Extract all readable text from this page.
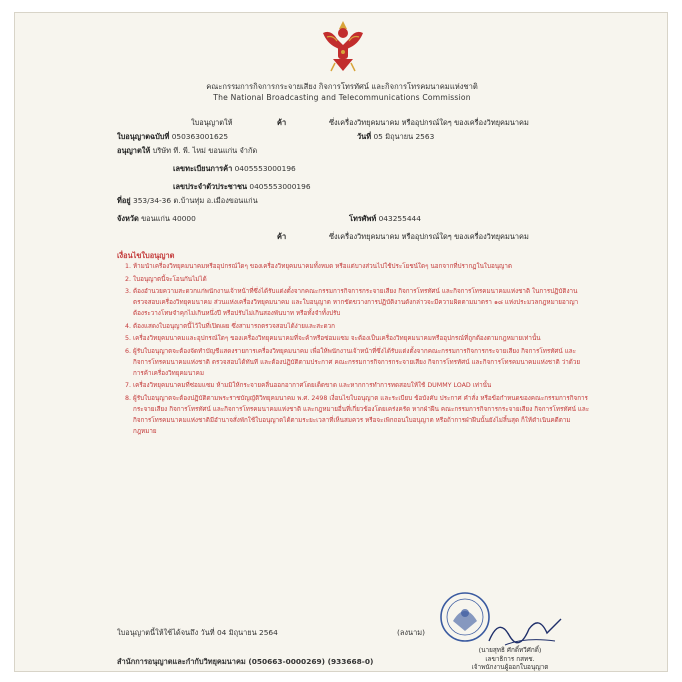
คณะกรรมการกิจการกระจายเสียง กิจการโทรทัศน์ และกิจการโทรคมนาคมแห่งชาติ
The National Broadcasting and Telecommunications Commission
ใบอนุญาตให้	ค้า	ซึ่งเครื่องวิทยุคมนาคม หรืออุปกรณ์ใดๆ ของเครื่องวิทยุคมนาคม
ใบอนุญาตฉบับที่ 050363001625	วันที่ 05 มิถุนายน 2563
อนุญาตให้ บริษัท ที. พี. ไหม่ ขอนแก่น จำกัด
เลขทะเบียนการค้า 0405553000196
เลขประจำตัวประชาชน 0405553000196
ที่อยู่ 353/34-36 ต.บ้านทุ่ม อ.เมืองขอนแก่น
จังหวัด ขอนแก่น 40000	โทรศัพท์ 043255444
ค้า	ซึ่งเครื่องวิทยุคมนาคม หรืออุปกรณ์ใดๆ ของเครื่องวิทยุคมนาคม
เงื่อนไขใบอนุญาต
1. ห้ามนำเครื่องวิทยุคมนาคมหรืออุปกรณ์ใดๆ ของเครื่องวิทยุคมนาคมทั้งหมด หรือแต่บางส่วนไปใช้ประโยชน์ใดๆ นอกจากที่ปรากฏในใบอนุญาต
2. ใบอนุญาตนี้จะโอนกันไม่ได้
3. ต้องอำนวยความสะดวกแก่พนักงานเจ้าหน้าที่ซึ่งได้รับแต่งตั้งจากคณะกรรมการกิจการกระจายเสียง กิจการโทรทัศน์ และกิจการโทรคมนาคมแห่งชาติ ในการปฏิบัติงานตรวจสอบเครื่องวิทยุคมนาคม ส่วนแห่งเครื่องวิทยุคมนาคม และใบอนุญาต หากขัดขวางการปฏิบัติงานดังกล่าวจะมีความผิดตามมาตรา ๑๘ แห่งประมวลกฎหมายอาญา ต้องระวางโทษจำคุกไม่เกินหนึ่งปี หรือปรับไม่เกินสองพันบาท หรือทั้งจำทั้งปรับ
4. ต้องแสดงใบอนุญาตนี้ไว้ในที่เปิดเผย ซึ่งสามารถตรวจสอบได้ง่ายและสะดวก
5. เครื่องวิทยุคมนาคมและอุปกรณ์ใดๆ ของเครื่องวิทยุคมนาคมที่จะค้าหรือซ่อมแซม จะต้องเป็นเครื่องวิทยุคมนาคมหรืออุปกรณ์ที่ถูกต้องตามกฎหมายเท่านั้น
6. ผู้รับใบอนุญาตจะต้องจัดทำบัญชีแสดงรายการเครื่องวิทยุคมนาคม เพื่อให้พนักงานเจ้าหน้าที่ซึ่งได้รับแต่งตั้งจากคณะกรรมการกิจการกระจายเสียง กิจการโทรทัศน์ และกิจการโทรคมนาคมแห่งชาติ ตรวจสอบได้ทันที และต้องปฏิบัติตามประกาศ คณะกรรมการกิจการกระจายเสียง กิจการโทรทัศน์ และกิจการโทรคมนาคมแห่งชาติ ว่าด้วย การค้าเครื่องวิทยุคมนาคม
7. เครื่องวิทยุคมนาคมที่ซ่อมแซม ห้ามมิให้กระจายคลื่นออกอากาศโดยเด็ดขาด และหากการทำการทดสอบให้ใช้ DUMMY LOAD เท่านั้น
8. ผู้รับใบอนุญาตจะต้องปฏิบัติตามพระราชบัญญัติวิทยุคมนาคม พ.ศ. 2498 เงื่อนไขใบอนุญาต และระเบียบ ข้อบังคับ ประกาศ คำสั่ง หรือข้อกำหนดของคณะกรรมการกิจการกระจายเสียง กิจการโทรทัศน์ และกิจการโทรคมนาคมแห่งชาติ และกฎหมายอื่นที่เกี่ยวข้องโดยเคร่งครัด หากฝ่าฝืน คณะกรรมการกิจการกระจายเสียง กิจการโทรทัศน์ และกิจการโทรคมนาคมแห่งชาติมีอำนาจสั่งพักใช้ใบอนุญาตได้ตามระยะเวลาที่เห็นสมควร หรือจะเพิกถอนใบอนุญาต หรือถ้าการฝ่าฝืนนั้นยังไม่สิ้นสุด ก็ให้ดำเนินคดีตามกฎหมาย
ใบอนุญาตนี้ให้ใช้ได้จนถึง วันที่ 04 มิถุนายน 2564	(ลงนาม)
(นายสุทธิ ศักดิ์ทวีศักดิ์)
เลขาธิการ กสทช.
เจ้าพนักงานผู้ออกใบอนุญาต
สำนักการอนุญาตและกำกับวิทยุคมนาคม (050663-0000269) (933668-0)
